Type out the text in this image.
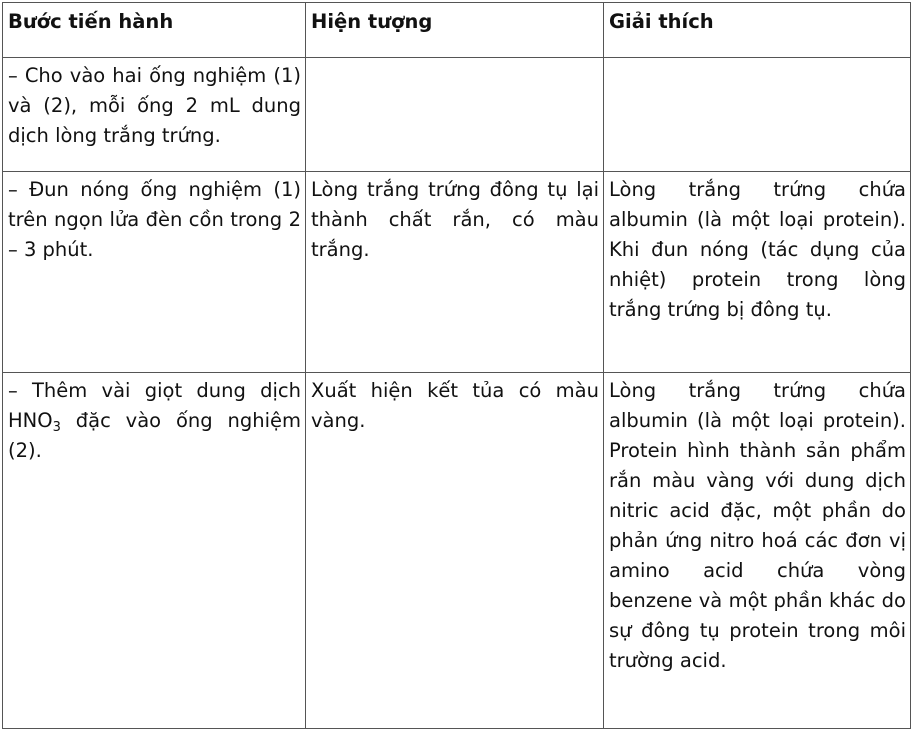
Bước tiến hành	Hiện tượng	Giải thích
– Cho vào hai ống nghiệm (1) và (2), mỗi ống 2 mL dung dịch lòng trắng trứng.		
– Đun nóng ống nghiệm (1) trên ngọn lửa đèn cồn trong 2 – 3 phút.	Lòng trắng trứng đông tụ lại thành chất rắn, có màu trắng.	Lòng trắng trứng chứa albumin (là một loại protein). Khi đun nóng (tác dụng của nhiệt) protein trong lòng trắng trứng bị đông tụ.
– Thêm vài giọt dung dịch $HNO_3$ đặc vào ống nghiệm (2).	Xuất hiện kết tủa có màu vàng.	Lòng trắng trứng chứa albumin (là một loại protein). Protein hình thành sản phẩm rắn màu vàng với dung dịch nitric acid đặc, một phần do phản ứng nitro hoá các đơn vị amino acid chứa vòng benzene và một phần khác do sự đông tụ protein trong môi trường acid.
